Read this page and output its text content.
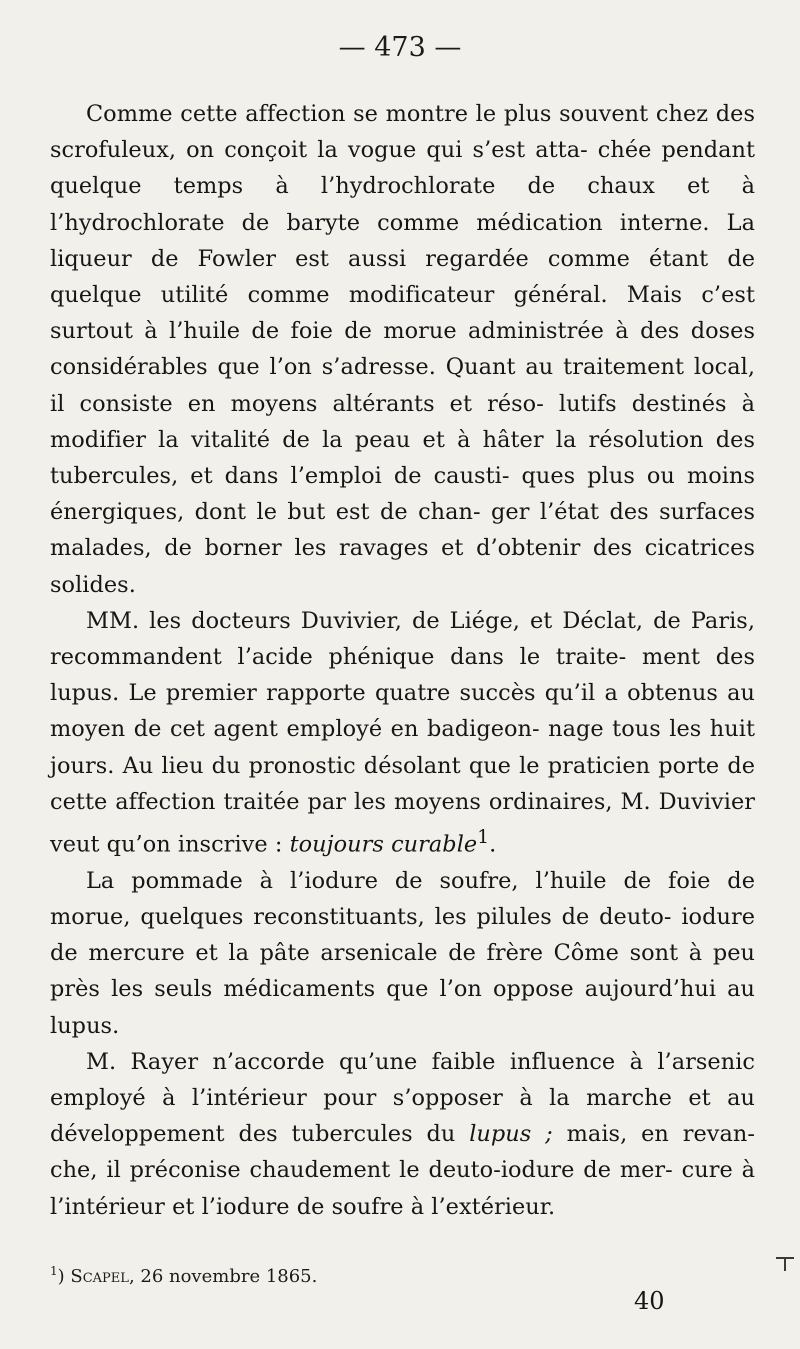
— 473 —

Comme cette affection se montre le plus souvent chez des scrofuleux, on conçoit la vogue qui s’est atta- chée pendant quelque temps à l’hydrochlorate de chaux et à l’hydrochlorate de baryte comme médication interne. La liqueur de Fowler est aussi regardée comme étant de quelque utilité comme modificateur général. Mais c’est surtout à l’huile de foie de morue administrée à des doses considérables que l’on s’adresse. Quant au traitement local, il consiste en moyens altérants et réso- lutifs destinés à modifier la vitalité de la peau et à hâter la résolution des tubercules, et dans l’emploi de causti- ques plus ou moins énergiques, dont le but est de chan- ger l’état des surfaces malades, de borner les ravages et d’obtenir des cicatrices solides.

MM. les docteurs Duvivier, de Liége, et Déclat, de Paris, recommandent l’acide phénique dans le traite- ment des lupus. Le premier rapporte quatre succès qu’il a obtenus au moyen de cet agent employé en badigeon- nage tous les huit jours. Au lieu du pronostic désolant que le praticien porte de cette affection traitée par les moyens ordinaires, M. Duvivier veut qu’on inscrive : toujours curable$^1$.

La pommade à l’iodure de soufre, l’huile de foie de morue, quelques reconstituants, les pilules de deuto- iodure de mercure et la pâte arsenicale de frère Côme sont à peu près les seuls médicaments que l’on oppose aujourd’hui au lupus.

M. Rayer n’accorde qu’une faible influence à l’arsenic employé à l’intérieur pour s’opposer à la marche et au développement des tubercules du lupus ; mais, en revan- che, il préconise chaudement le deuto-iodure de mer- cure à l’intérieur et l’iodure de soufre à l’extérieur.

$^1$) Scapel, 26 novembre 1865.
40
